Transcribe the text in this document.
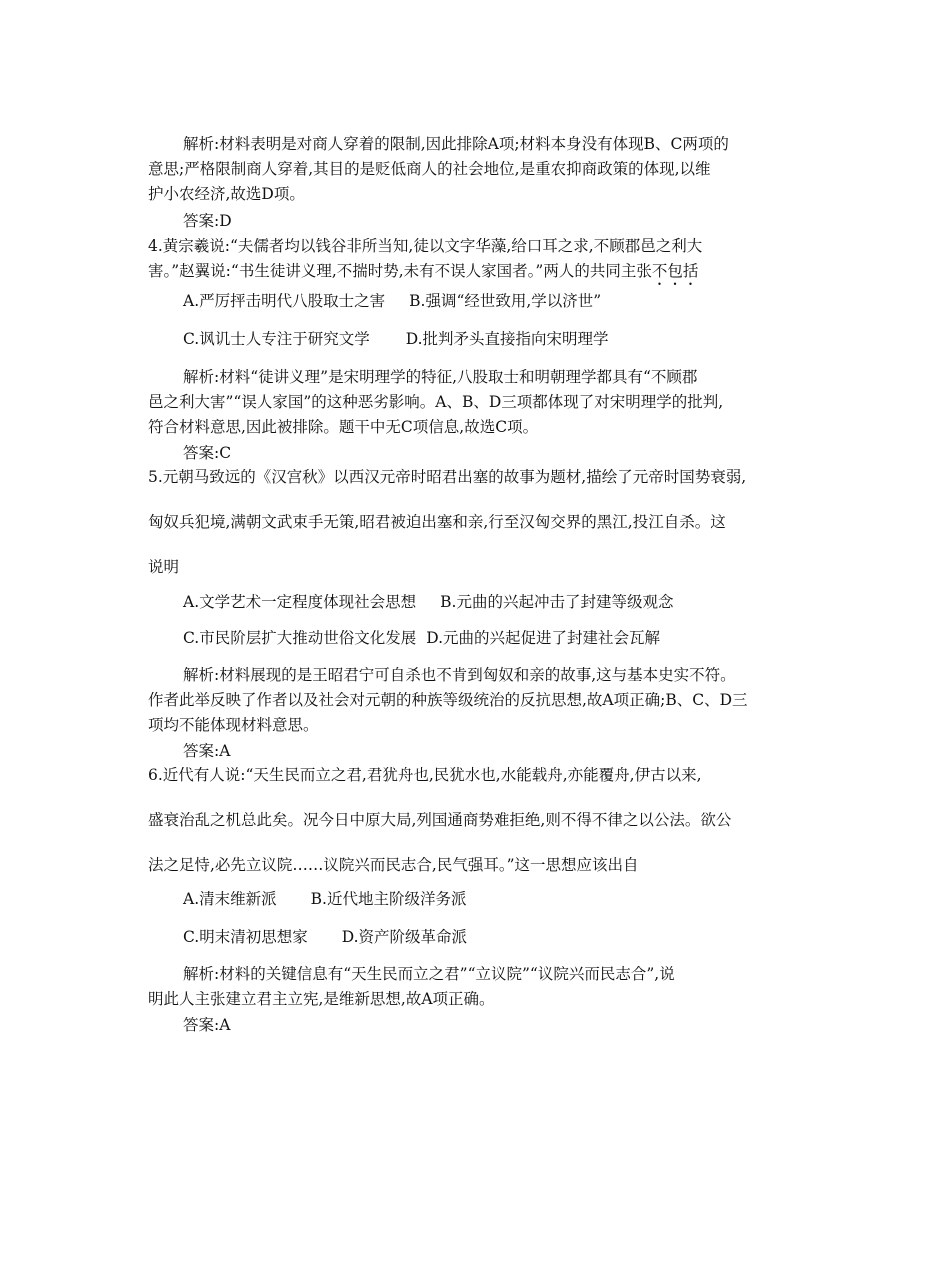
解析:材料表明是对商人穿着的限制,因此排除A项;材料本身没有体现B、C两项的
意思;严格限制商人穿着,其目的是贬低商人的社会地位,是重农抑商政策的体现,以维
护小农经济,故选D项。
答案:D
4.黄宗羲说:“夫儒者均以钱谷非所当知,徒以文字华藻,给口耳之求,不顾郡邑之利大
害。”赵翼说:“书生徒讲义理,不揣时势,未有不误人家国者。”两人的共同主张不包括
A.严厉抨击明代八股取士之害 B.强调“经世致用,学以济世”
C.讽讥士人专注于研究文学 D.批判矛头直接指向宋明理学
解析:材料“徒讲义理”是宋明理学的特征,八股取士和明朝理学都具有“不顾郡
邑之利大害”“误人家国”的这种恶劣影响。A、B、D三项都体现了对宋明理学的批判,
符合材料意思,因此被排除。题干中无C项信息,故选C项。
答案:C
5.元朝马致远的《汉宫秋》以西汉元帝时昭君出塞的故事为题材,描绘了元帝时国势衰弱,
匈奴兵犯境,满朝文武束手无策,昭君被迫出塞和亲,行至汉匈交界的黑江,投江自杀。这
说明
A.文学艺术一定程度体现社会思想 B.元曲的兴起冲击了封建等级观念
C.市民阶层扩大推动世俗文化发展 D.元曲的兴起促进了封建社会瓦解
解析:材料展现的是王昭君宁可自杀也不肯到匈奴和亲的故事,这与基本史实不符。
作者此举反映了作者以及社会对元朝的种族等级统治的反抗思想,故A项正确;B、C、D三
项均不能体现材料意思。
答案:A
6.近代有人说:“天生民而立之君,君犹舟也,民犹水也,水能载舟,亦能覆舟,伊古以来,
盛衰治乱之机总此矣。况今日中原大局,列国通商势难拒绝,则不得不律之以公法。欲公
法之足恃,必先立议院……议院兴而民志合,民气强耳。”这一思想应该出自
A.清末维新派 B.近代地主阶级洋务派
C.明末清初思想家 D.资产阶级革命派
解析:材料的关键信息有“天生民而立之君”“立议院”“议院兴而民志合”,说
明此人主张建立君主立宪,是维新思想,故A项正确。
答案:A
